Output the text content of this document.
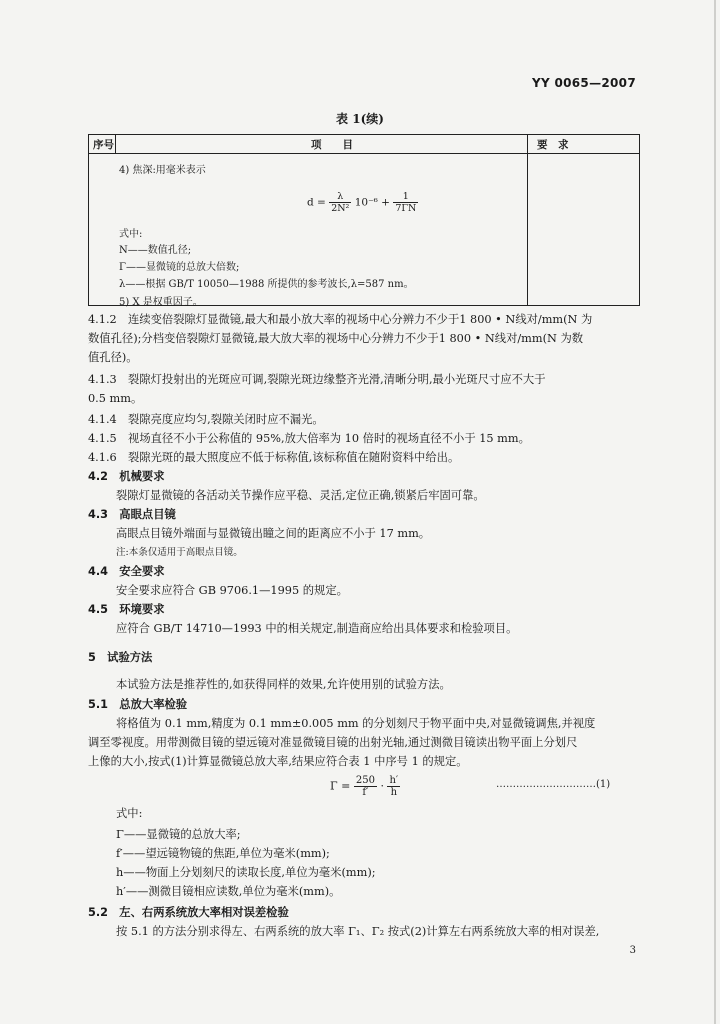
YY 0065—2007
表 1(续)
序号	项　　目	要　求
4) 焦深:用毫米表示
$d = \frac{\lambda}{\text{2N²}} 10^{-6} + \frac{1}{7\Gamma N}$
式中:
N——数值孔径;
Γ——显微镜的总放大倍数;
λ——根据 GB/T 10050—1988 所提供的参考波长,λ=587 nm。
5) X 是权重因子。
4.1.2　连续变倍裂隙灯显微镜,最大和最小放大率的视场中心分辨力不少于1 800 • N线对/mm(N 为
数值孔径);分档变倍裂隙灯显微镜,最大放大率的视场中心分辨力不少于1 800 • N线对/mm(N 为数
值孔径)。
4.1.3　裂隙灯投射出的光斑应可调,裂隙光斑边缘整齐光滑,清晰分明,最小光斑尺寸应不大于
0.5 mm。
4.1.4　裂隙亮度应均匀,裂隙关闭时应不漏光。
4.1.5　视场直径不小于公称值的 95%,放大倍率为 10 倍时的视场直径不小于 15 mm。
4.1.6　裂隙光斑的最大照度应不低于标称值,该标称值在随附资料中给出。
4.2　机械要求
裂隙灯显微镜的各活动关节操作应平稳、灵活,定位正确,锁紧后牢固可靠。
4.3　高眼点目镜
高眼点目镜外端面与显微镜出瞳之间的距离应不小于 17 mm。
注:本条仅适用于高眼点目镜。
4.4　安全要求
安全要求应符合 GB 9706.1—1995 的规定。
4.5　环境要求
应符合 GB/T 14710—1993 中的相关规定,制造商应给出具体要求和检验项目。
5　试验方法
本试验方法是推荐性的,如获得同样的效果,允许使用别的试验方法。
5.1　总放大率检验
将格值为 0.1 mm,精度为 0.1 mm±0.005 mm 的分划刻尺于物平面中央,对显微镜调焦,并视度
调至零视度。用带测微目镜的望远镜对准显微镜目镜的出射光轴,通过测微目镜读出物平面上分划尺
上像的大小,按式(1)计算显微镜总放大率,结果应符合表 1 中序号 1 的规定。
$\Gamma = \frac{250}{f'} \cdot \frac{h'}{h}$	…………………………(1)
式中:
Γ——显微镜的总放大率;
f′——望远镜物镜的焦距,单位为毫米(mm);
h——物面上分划刻尺的读取长度,单位为毫米(mm);
h′——测微目镜相应读数,单位为毫米(mm)。
5.2　左、右两系统放大率相对误差检验
按 5.1 的方法分别求得左、右两系统的放大率 Γ₁、Γ₂ 按式(2)计算左右两系统放大率的相对误差,
3
